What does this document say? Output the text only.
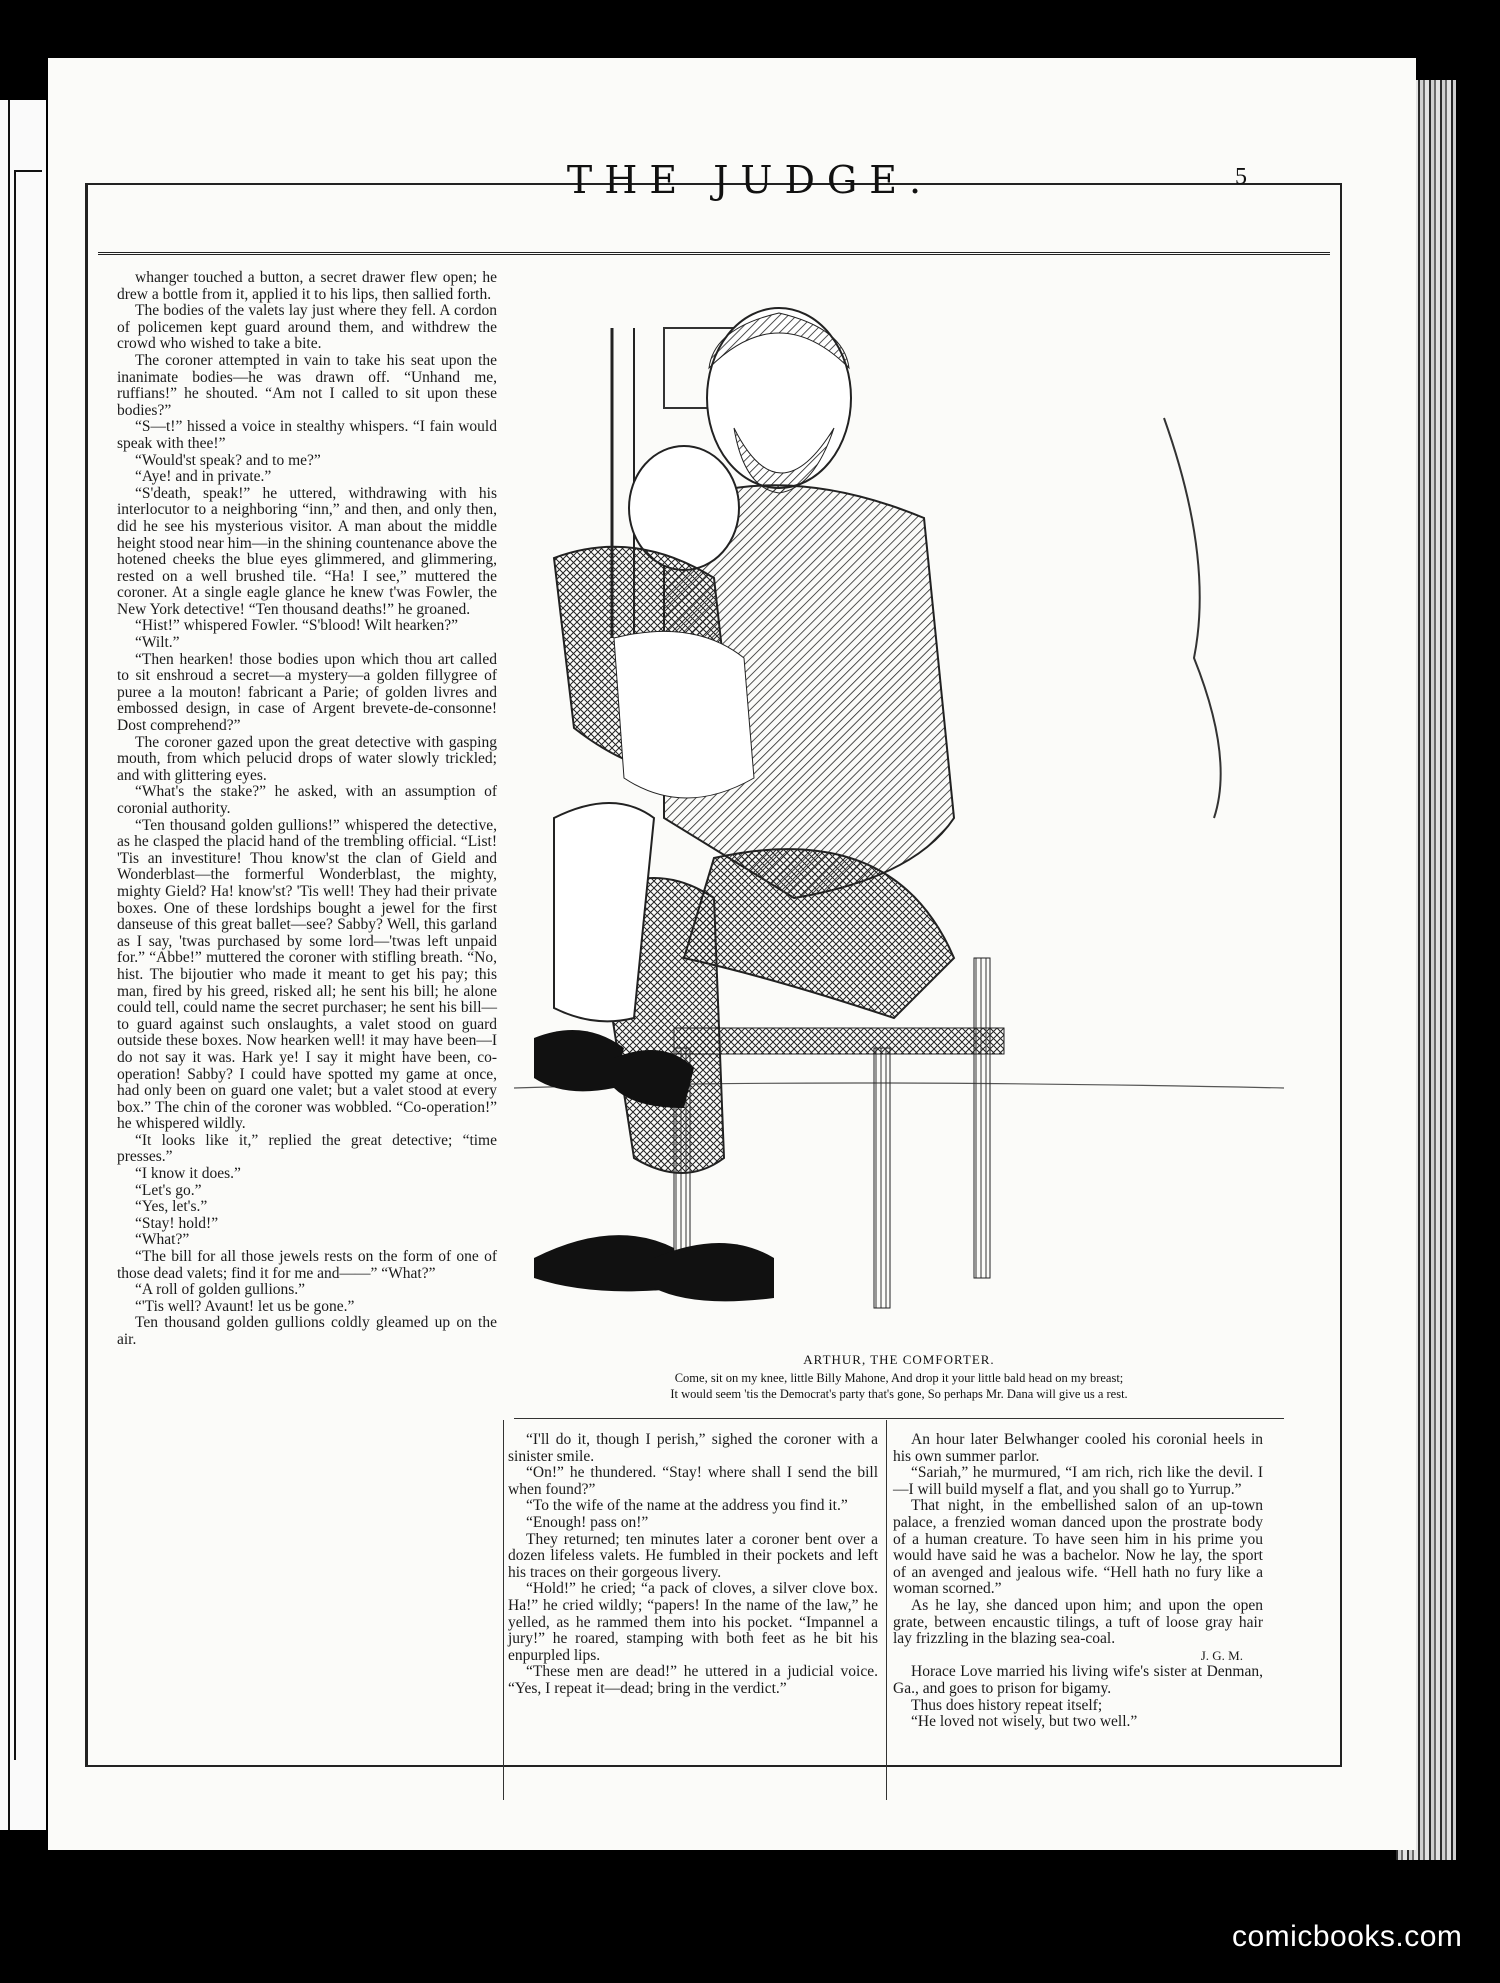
THE JUDGE.	5

whanger touched a button, a secret drawer flew open; he drew a bottle from it, applied it to his lips, then sallied forth.

The bodies of the valets lay just where they fell. A cordon of policemen kept guard around them, and withdrew the crowd who wished to take a bite.

The coroner attempted in vain to take his seat upon the inanimate bodies—he was drawn off. “Unhand me, ruffians!” he shouted. “Am not I called to sit upon these bodies?”

“S—t!” hissed a voice in stealthy whispers. “I fain would speak with thee!”

“Would'st speak? and to me?”

“Aye! and in private.”

“S'death, speak!” he uttered, withdrawing with his interlocutor to a neighboring “inn,” and then, and only then, did he see his mysterious visitor. A man about the middle height stood near him—in the shining countenance above the hotened cheeks the blue eyes glimmered, and glimmering, rested on a well brushed tile. “Ha! I see,” muttered the coroner. At a single eagle glance he knew t'was Fowler, the New York detective! “Ten thousand deaths!” he groaned.

“Hist!” whispered Fowler. “S'blood! Wilt hearken?”

“Wilt.”

“Then hearken! those bodies upon which thou art called to sit enshroud a secret—a mystery—a golden fillygree of puree a la mouton! fabricant a Parie; of golden livres and embossed design, in case of Argent brevete-de-consonne! Dost comprehend?”

The coroner gazed upon the great detective with gasping mouth, from which pelucid drops of water slowly trickled; and with glittering eyes.

“What's the stake?” he asked, with an assumption of coronial authority.

“Ten thousand golden gullions!” whispered the detective, as he clasped the placid hand of the trembling official. “List! 'Tis an investiture! Thou know'st the clan of Gield and Wonderblast—the formerful Wonderblast, the mighty, mighty Gield? Ha! know'st? 'Tis well! They had their private boxes. One of these lordships bought a jewel for the first danseuse of this great ballet—see? Sabby? Well, this garland as I say, 'twas purchased by some lord—'twas left unpaid for.” “Abbe!” muttered the coroner with stifling breath. “No, hist. The bijoutier who made it meant to get his pay; this man, fired by his greed, risked all; he sent his bill; he alone could tell, could name the secret purchaser; he sent his bill—to guard against such onslaughts, a valet stood on guard outside these boxes. Now hearken well! it may have been—I do not say it was. Hark ye! I say it might have been, co-operation! Sabby? I could have spotted my game at once, had only been on guard one valet; but a valet stood at every box.” The chin of the coroner was wobbled. “Co-operation!” he whispered wildly.

“It looks like it,” replied the great detective; “time presses.”

“I know it does.”

“Let's go.”

“Yes, let's.”

“Stay! hold!”

“What?”

“The bill for all those jewels rests on the form of one of those dead valets; find it for me and——” “What?”

“A roll of golden gullions.”

“'Tis well? Avaunt! let us be gone.”

Ten thousand golden gullions coldly gleamed up on the air.

ARTHUR, THE COMFORTER.
Come, sit on my knee, little Billy Mahone, And drop it your little bald head on my breast;
It would seem 'tis the Democrat's party that's gone, So perhaps Mr. Dana will give us a rest.

“I'll do it, though I perish,” sighed the coroner with a sinister smile.

“On!” he thundered. “Stay! where shall I send the bill when found?”

“To the wife of the name at the address you find it.”

“Enough! pass on!”

They returned; ten minutes later a coroner bent over a dozen lifeless valets. He fumbled in their pockets and left his traces on their gorgeous livery.

“Hold!” he cried; “a pack of cloves, a silver clove box. Ha!” he cried wildly; “papers! In the name of the law,” he yelled, as he rammed them into his pocket. “Impannel a jury!” he roared, stamping with both feet as he bit his enpurpled lips.

“These men are dead!” he uttered in a judicial voice. “Yes, I repeat it—dead; bring in the verdict.”

An hour later Belwhanger cooled his coronial heels in his own summer parlor.

“Sariah,” he murmured, “I am rich, rich like the devil. I—I will build myself a flat, and you shall go to Yurrup.”

That night, in the embellished salon of an up-town palace, a frenzied woman danced upon the prostrate body of a human creature. To have seen him in his prime you would have said he was a bachelor. Now he lay, the sport of an avenged and jealous wife. “Hell hath no fury like a woman scorned.”

As he lay, she danced upon him; and upon the open grate, between encaustic tilings, a tuft of loose gray hair lay frizzling in the blazing sea-coal.

J. G. M.

Horace Love married his living wife's sister at Denman, Ga., and goes to prison for bigamy.

Thus does history repeat itself;

“He loved not wisely, but two well.”

comicbooks.com
